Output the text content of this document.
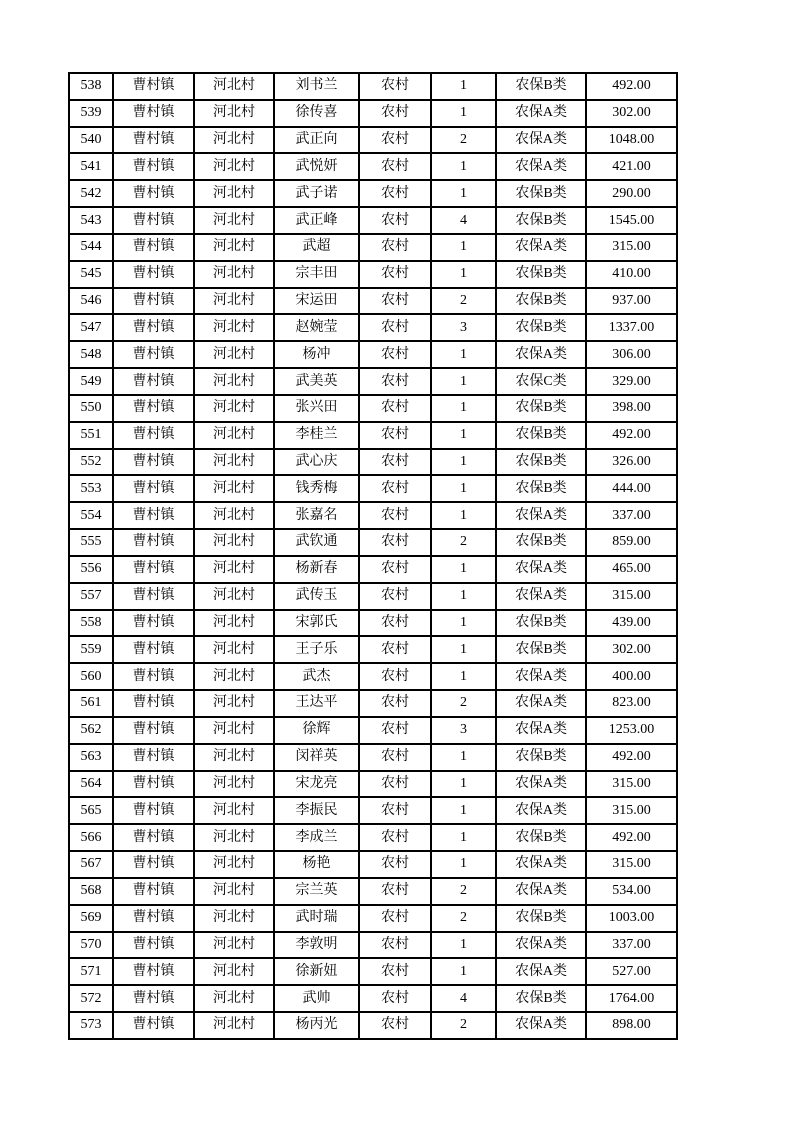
538	曹村镇	河北村	刘书兰	农村	1	农保B类	492.00
539	曹村镇	河北村	徐传喜	农村	1	农保A类	302.00
540	曹村镇	河北村	武正向	农村	2	农保A类	1048.00
541	曹村镇	河北村	武悦妍	农村	1	农保A类	421.00
542	曹村镇	河北村	武子诺	农村	1	农保B类	290.00
543	曹村镇	河北村	武正峰	农村	4	农保B类	1545.00
544	曹村镇	河北村	武超	农村	1	农保A类	315.00
545	曹村镇	河北村	宗丰田	农村	1	农保B类	410.00
546	曹村镇	河北村	宋运田	农村	2	农保B类	937.00
547	曹村镇	河北村	赵婉莹	农村	3	农保B类	1337.00
548	曹村镇	河北村	杨冲	农村	1	农保A类	306.00
549	曹村镇	河北村	武美英	农村	1	农保C类	329.00
550	曹村镇	河北村	张兴田	农村	1	农保B类	398.00
551	曹村镇	河北村	李桂兰	农村	1	农保B类	492.00
552	曹村镇	河北村	武心庆	农村	1	农保B类	326.00
553	曹村镇	河北村	钱秀梅	农村	1	农保B类	444.00
554	曹村镇	河北村	张嘉名	农村	1	农保A类	337.00
555	曹村镇	河北村	武钦通	农村	2	农保B类	859.00
556	曹村镇	河北村	杨新春	农村	1	农保A类	465.00
557	曹村镇	河北村	武传玉	农村	1	农保A类	315.00
558	曹村镇	河北村	宋郭氏	农村	1	农保B类	439.00
559	曹村镇	河北村	王子乐	农村	1	农保B类	302.00
560	曹村镇	河北村	武杰	农村	1	农保A类	400.00
561	曹村镇	河北村	王达平	农村	2	农保A类	823.00
562	曹村镇	河北村	徐辉	农村	3	农保A类	1253.00
563	曹村镇	河北村	闵祥英	农村	1	农保B类	492.00
564	曹村镇	河北村	宋龙亮	农村	1	农保A类	315.00
565	曹村镇	河北村	李振民	农村	1	农保A类	315.00
566	曹村镇	河北村	李成兰	农村	1	农保B类	492.00
567	曹村镇	河北村	杨艳	农村	1	农保A类	315.00
568	曹村镇	河北村	宗兰英	农村	2	农保A类	534.00
569	曹村镇	河北村	武时瑞	农村	2	农保B类	1003.00
570	曹村镇	河北村	李敦明	农村	1	农保A类	337.00
571	曹村镇	河北村	徐新妞	农村	1	农保A类	527.00
572	曹村镇	河北村	武帅	农村	4	农保B类	1764.00
573	曹村镇	河北村	杨丙光	农村	2	农保A类	898.00
